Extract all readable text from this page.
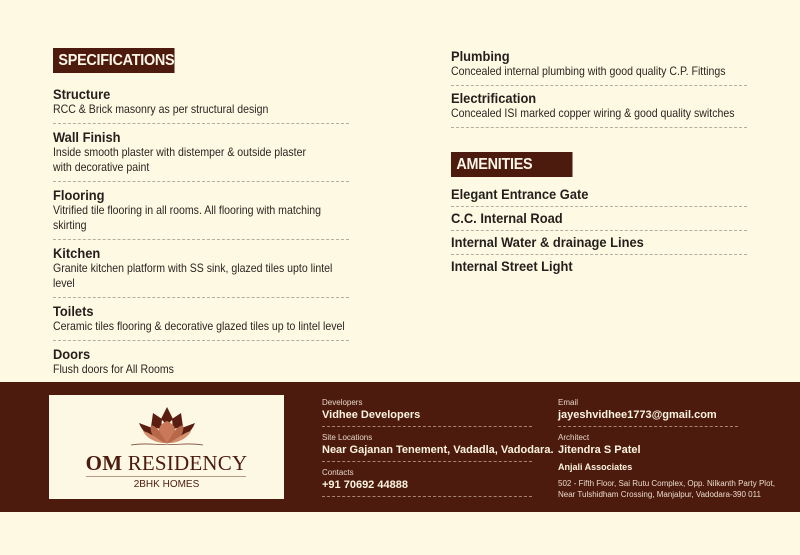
SPECIFICATIONS
Structure
RCC & Brick masonry as per structural design
Wall Finish
Inside smooth plaster with distemper & outside plaster with decorative paint
Flooring
Vitrified tile flooring in all rooms. All flooring with matching skirting
Kitchen
Granite kitchen platform with SS sink, glazed tiles upto lintel level
Toilets
Ceramic tiles flooring & decorative glazed tiles up to lintel level
Doors
Flush doors for All Rooms
Plumbing
Concealed internal plumbing with good quality C.P. Fittings
Electrification
Concealed ISI marked copper wiring & good quality switches
AMENITIES
Elegant Entrance Gate
C.C. Internal Road
Internal Water & drainage Lines
Internal Street Light
OM RESIDENCY
2BHK HOMES
Developers
Vidhee Developers
Site Locations
Near Gajanan Tenement, Vadadla, Vadodara.
Contacts
+91 70692 44888
Email
jayeshvidhee1773@gmail.com
Architect
Jitendra S Patel
Anjali Associates
502 - Fifth Floor, Sai Rutu Complex, Opp. Nilkanth Party Plot,
Near Tulshidham Crossing, Manjalpur, Vadodara-390 011
